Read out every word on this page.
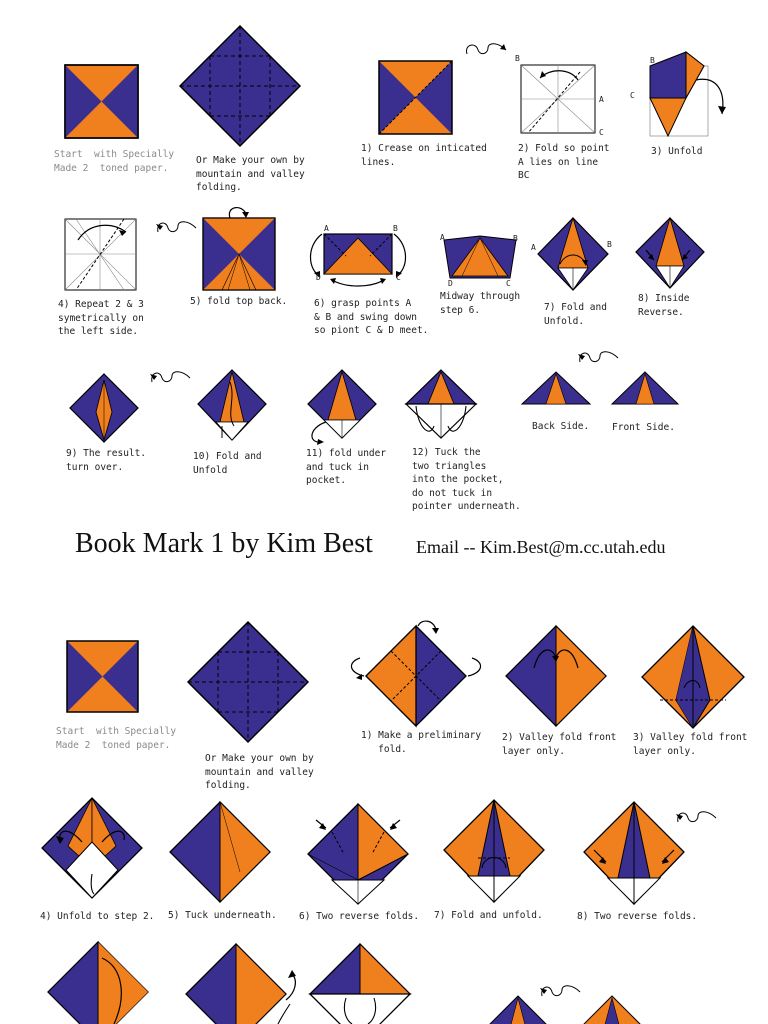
Start  with Specially
Made 2  toned paper.
Or Make your own by
mountain and valley
folding.
1) Crease on inticated
lines.
B
A
C
2) Fold so point
A lies on line
BC
B
C
3) Unfold
4) Repeat 2 & 3
symetrically on
the left side.
5) fold top back.
A	B
D	C
6) grasp points A
& B and swing down
so piont C & D meet.
A	B
D	C
Midway through
step 6.
A	B
7) Fold and
Unfold.
8) Inside
Reverse.
9) The result.
turn over.
10) Fold and
Unfold
11) fold under
and tuck in
pocket.
12) Tuck the
two triangles
into the pocket,
do not tuck in
pointer underneath.
Back Side. Front Side.
Book Mark 1 by Kim Best Email -- Kim.Best@m.cc.utah.edu
Start  with Specially
Made 2  toned paper.
Or Make your own by
mountain and valley
folding.
1) Make a preliminary
fold.
2) Valley fold front
layer only.
3) Valley fold front
layer only.
4) Unfold to step 2. 5) Tuck underneath. 6) Two reverse folds. 7) Fold and unfold.	8) Two reverse folds.
